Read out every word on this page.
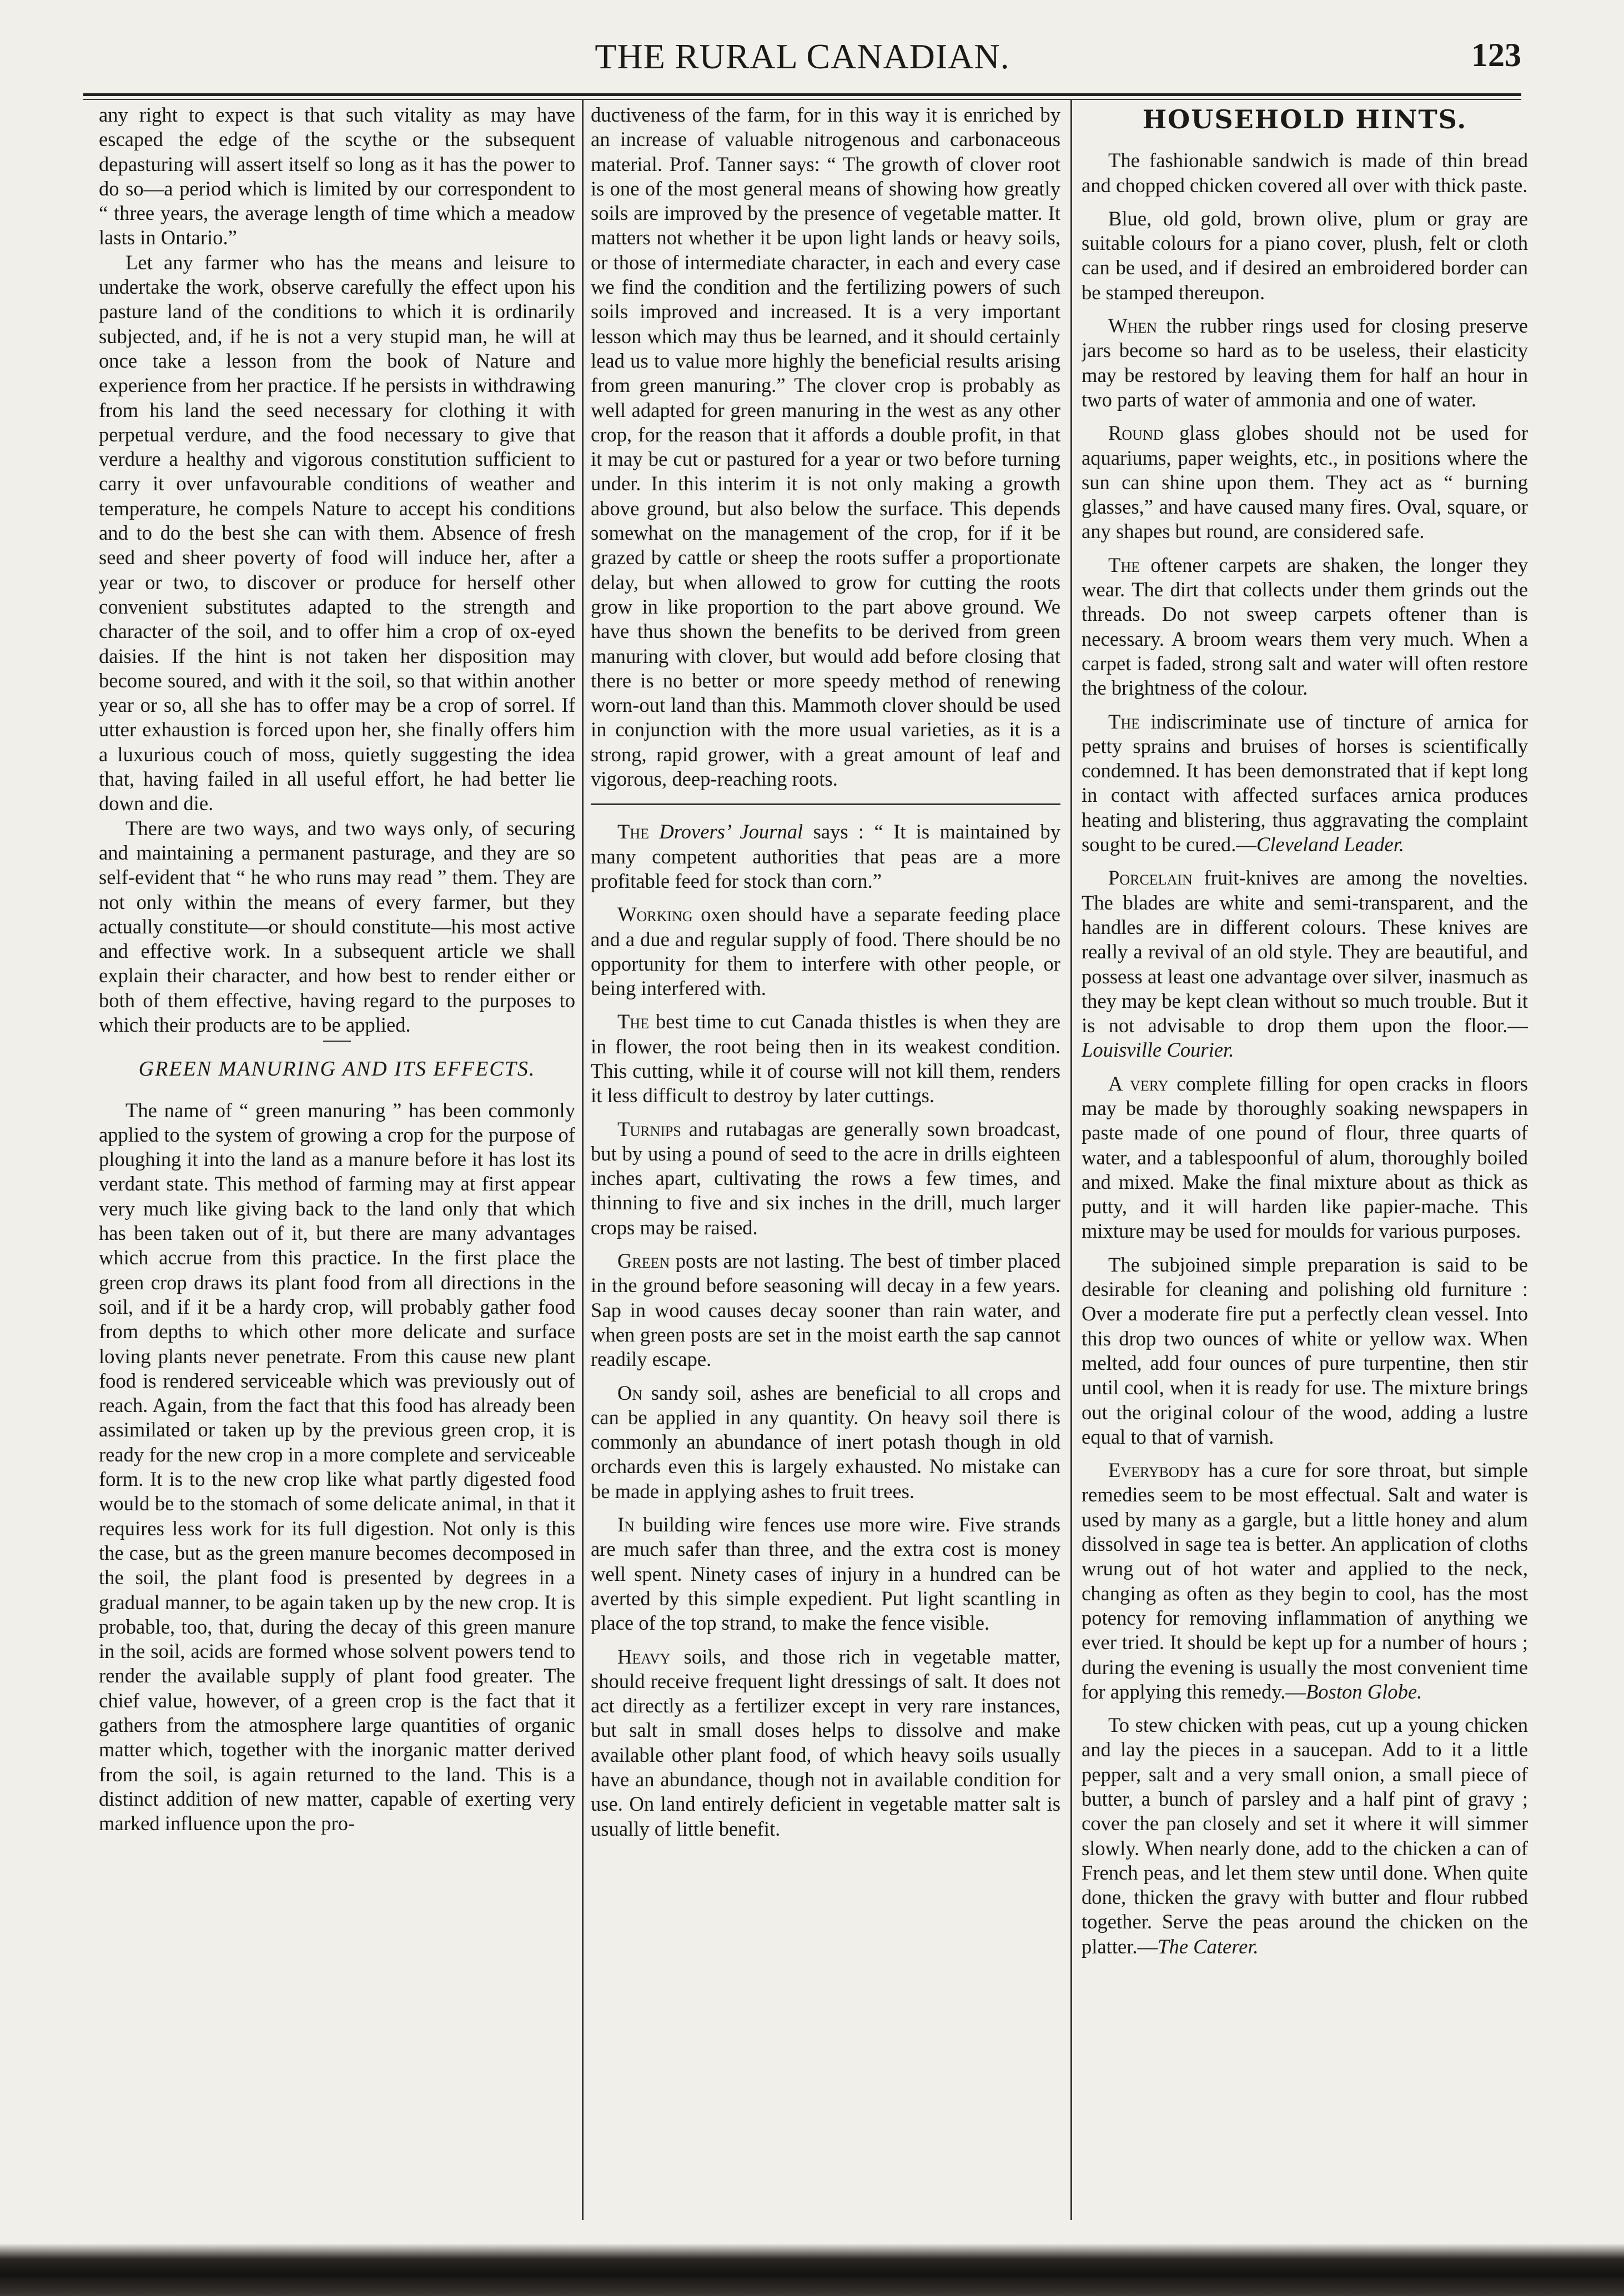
THE RURAL CANADIAN.	123

any right to expect is that such vitality as may have escaped the edge of the scythe or the subsequent depasturing will assert itself so long as it has the power to do so—a period which is limited by our correspondent to “ three years, the average length of time which a meadow lasts in Ontario.”

Let any farmer who has the means and leisure to undertake the work, observe carefully the effect upon his pasture land of the conditions to which it is ordinarily subjected, and, if he is not a very stupid man, he will at once take a lesson from the book of Nature and experience from her practice. If he persists in withdrawing from his land the seed necessary for clothing it with perpetual verdure, and the food necessary to give that verdure a healthy and vigorous constitution sufficient to carry it over unfavourable conditions of weather and temperature, he compels Nature to accept his conditions and to do the best she can with them. Absence of fresh seed and sheer poverty of food will induce her, after a year or two, to discover or produce for herself other convenient substitutes adapted to the strength and character of the soil, and to offer him a crop of ox-eyed daisies. If the hint is not taken her disposition may become soured, and with it the soil, so that within another year or so, all she has to offer may be a crop of sorrel. If utter exhaustion is forced upon her, she finally offers him a luxurious couch of moss, quietly suggesting the idea that, having failed in all useful effort, he had better lie down and die.

There are two ways, and two ways only, of securing and maintaining a permanent pasturage, and they are so self-evident that “ he who runs may read ” them. They are not only within the means of every farmer, but they actually constitute—or should constitute—his most active and effective work. In a subsequent article we shall explain their character, and how best to render either or both of them effective, having regard to the purposes to which their products are to be applied.

GREEN MANURING AND ITS EFFECTS.

The name of “ green manuring ” has been commonly applied to the system of growing a crop for the purpose of ploughing it into the land as a manure before it has lost its verdant state. This method of farming may at first appear very much like giving back to the land only that which has been taken out of it, but there are many advantages which accrue from this practice. In the first place the green crop draws its plant food from all directions in the soil, and if it be a hardy crop, will probably gather food from depths to which other more delicate and surface loving plants never penetrate. From this cause new plant food is rendered serviceable which was previously out of reach. Again, from the fact that this food has already been assimilated or taken up by the previous green crop, it is ready for the new crop in a more complete and serviceable form. It is to the new crop like what partly digested food would be to the stomach of some delicate animal, in that it requires less work for its full digestion. Not only is this the case, but as the green manure becomes decomposed in the soil, the plant food is presented by degrees in a gradual manner, to be again taken up by the new crop. It is probable, too, that, during the decay of this green manure in the soil, acids are formed whose solvent powers tend to render the available supply of plant food greater. The chief value, however, of a green crop is the fact that it gathers from the atmosphere large quantities of organic matter which, together with the inorganic matter derived from the soil, is again returned to the land. This is a distinct addition of new matter, capable of exerting very marked influence upon the pro-

ductiveness of the farm, for in this way it is enriched by an increase of valuable nitrogenous and carbonaceous material. Prof. Tanner says: “ The growth of clover root is one of the most general means of showing how greatly soils are improved by the presence of vegetable matter. It matters not whether it be upon light lands or heavy soils, or those of intermediate character, in each and every case we find the condition and the fertilizing powers of such soils improved and increased. It is a very important lesson which may thus be learned, and it should certainly lead us to value more highly the beneficial results arising from green manuring.” The clover crop is probably as well adapted for green manuring in the west as any other crop, for the reason that it affords a double profit, in that it may be cut or pastured for a year or two before turning under. In this interim it is not only making a growth above ground, but also below the surface. This depends somewhat on the management of the crop, for if it be grazed by cattle or sheep the roots suffer a proportionate delay, but when allowed to grow for cutting the roots grow in like proportion to the part above ground. We have thus shown the benefits to be derived from green manuring with clover, but would add before closing that there is no better or more speedy method of renewing worn-out land than this. Mammoth clover should be used in conjunction with the more usual varieties, as it is a strong, rapid grower, with a great amount of leaf and vigorous, deep-reaching roots.

The Drovers’ Journal says : “ It is maintained by many competent authorities that peas are a more profitable feed for stock than corn.”

Working oxen should have a separate feeding place and a due and regular supply of food. There should be no opportunity for them to interfere with other people, or being interfered with.

The best time to cut Canada thistles is when they are in flower, the root being then in its weakest condition. This cutting, while it of course will not kill them, renders it less difficult to destroy by later cuttings.

Turnips and rutabagas are generally sown broadcast, but by using a pound of seed to the acre in drills eighteen inches apart, cultivating the rows a few times, and thinning to five and six inches in the drill, much larger crops may be raised.

Green posts are not lasting. The best of timber placed in the ground before seasoning will decay in a few years. Sap in wood causes decay sooner than rain water, and when green posts are set in the moist earth the sap cannot readily escape.

On sandy soil, ashes are beneficial to all crops and can be applied in any quantity. On heavy soil there is commonly an abundance of inert potash though in old orchards even this is largely exhausted. No mistake can be made in applying ashes to fruit trees.

In building wire fences use more wire. Five strands are much safer than three, and the extra cost is money well spent. Ninety cases of injury in a hundred can be averted by this simple expedient. Put light scantling in place of the top strand, to make the fence visible.

Heavy soils, and those rich in vegetable matter, should receive frequent light dressings of salt. It does not act directly as a fertilizer except in very rare instances, but salt in small doses helps to dissolve and make available other plant food, of which heavy soils usually have an abundance, though not in available condition for use. On land entirely deficient in vegetable matter salt is usually of little benefit.

HOUSEHOLD HINTS.

The fashionable sandwich is made of thin bread and chopped chicken covered all over with thick paste.

Blue, old gold, brown olive, plum or gray are suitable colours for a piano cover, plush, felt or cloth can be used, and if desired an embroidered border can be stamped thereupon.

When the rubber rings used for closing preserve jars become so hard as to be useless, their elasticity may be restored by leaving them for half an hour in two parts of water of ammonia and one of water.

Round glass globes should not be used for aquariums, paper weights, etc., in positions where the sun can shine upon them. They act as “ burning glasses,” and have caused many fires. Oval, square, or any shapes but round, are considered safe.

The oftener carpets are shaken, the longer they wear. The dirt that collects under them grinds out the threads. Do not sweep carpets oftener than is necessary. A broom wears them very much. When a carpet is faded, strong salt and water will often restore the brightness of the colour.

The indiscriminate use of tincture of arnica for petty sprains and bruises of horses is scientifically condemned. It has been demonstrated that if kept long in contact with affected surfaces arnica produces heating and blistering, thus aggravating the complaint sought to be cured.—Cleveland Leader.

Porcelain fruit-knives are among the novelties. The blades are white and semi-transparent, and the handles are in different colours. These knives are really a revival of an old style. They are beautiful, and possess at least one advantage over silver, inasmuch as they may be kept clean without so much trouble. But it is not advisable to drop them upon the floor.—Louisville Courier.

A very complete filling for open cracks in floors may be made by thoroughly soaking newspapers in paste made of one pound of flour, three quarts of water, and a tablespoonful of alum, thoroughly boiled and mixed. Make the final mixture about as thick as putty, and it will harden like papier-mache. This mixture may be used for moulds for various purposes.

The subjoined simple preparation is said to be desirable for cleaning and polishing old furniture : Over a moderate fire put a perfectly clean vessel. Into this drop two ounces of white or yellow wax. When melted, add four ounces of pure turpentine, then stir until cool, when it is ready for use. The mixture brings out the original colour of the wood, adding a lustre equal to that of varnish.

Everybody has a cure for sore throat, but simple remedies seem to be most effectual. Salt and water is used by many as a gargle, but a little honey and alum dissolved in sage tea is better. An application of cloths wrung out of hot water and applied to the neck, changing as often as they begin to cool, has the most potency for removing inflammation of anything we ever tried. It should be kept up for a number of hours ; during the evening is usually the most convenient time for applying this remedy.—Boston Globe.

To stew chicken with peas, cut up a young chicken and lay the pieces in a saucepan. Add to it a little pepper, salt and a very small onion, a small piece of butter, a bunch of parsley and a half pint of gravy ; cover the pan closely and set it where it will simmer slowly. When nearly done, add to the chicken a can of French peas, and let them stew until done. When quite done, thicken the gravy with butter and flour rubbed together. Serve the peas around the chicken on the platter.—The Caterer.
